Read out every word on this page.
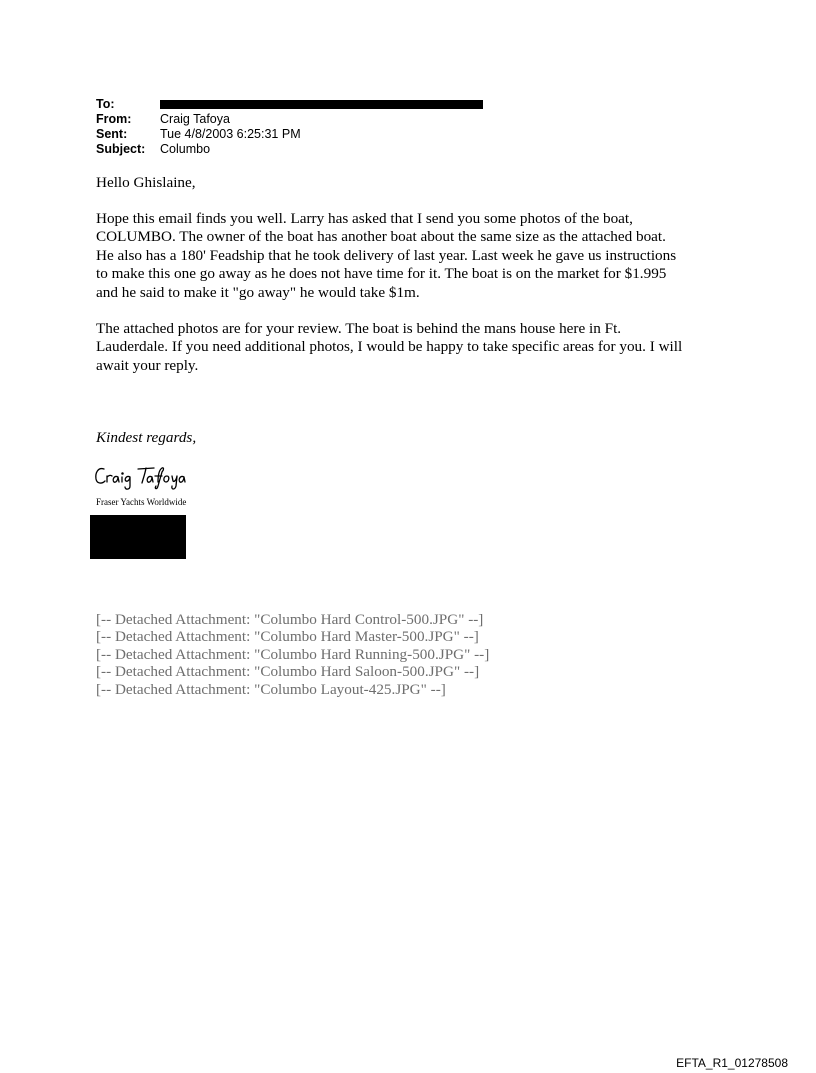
To:
From:	Craig Tafoya
Sent:	Tue 4/8/2003 6:25:31 PM
Subject:	Columbo

Hello Ghislaine,

Hope this email finds you well. Larry has asked that I send you some photos of the boat,
COLUMBO. The owner of the boat has another boat about the same size as the attached boat.
He also has a 180' Feadship that he took delivery of last year. Last week he gave us instructions
to make this one go away as he does not have time for it. The boat is on the market for $1.995
and he said to make it "go away" he would take $1m.
The attached photos are for your review. The boat is behind the mans house here in Ft.
Lauderdale. If you need additional photos, I would be happy to take specific areas for you. I will
await your reply.
Kindest regards,
Fraser Yachts Worldwide
[-- Detached Attachment: "Columbo Hard Control-500.JPG" --]
[-- Detached Attachment: "Columbo Hard Master-500.JPG" --]
[-- Detached Attachment: "Columbo Hard Running-500.JPG" --]
[-- Detached Attachment: "Columbo Hard Saloon-500.JPG" --]
[-- Detached Attachment: "Columbo Layout-425.JPG" --]
EFTA_R1_01278508
